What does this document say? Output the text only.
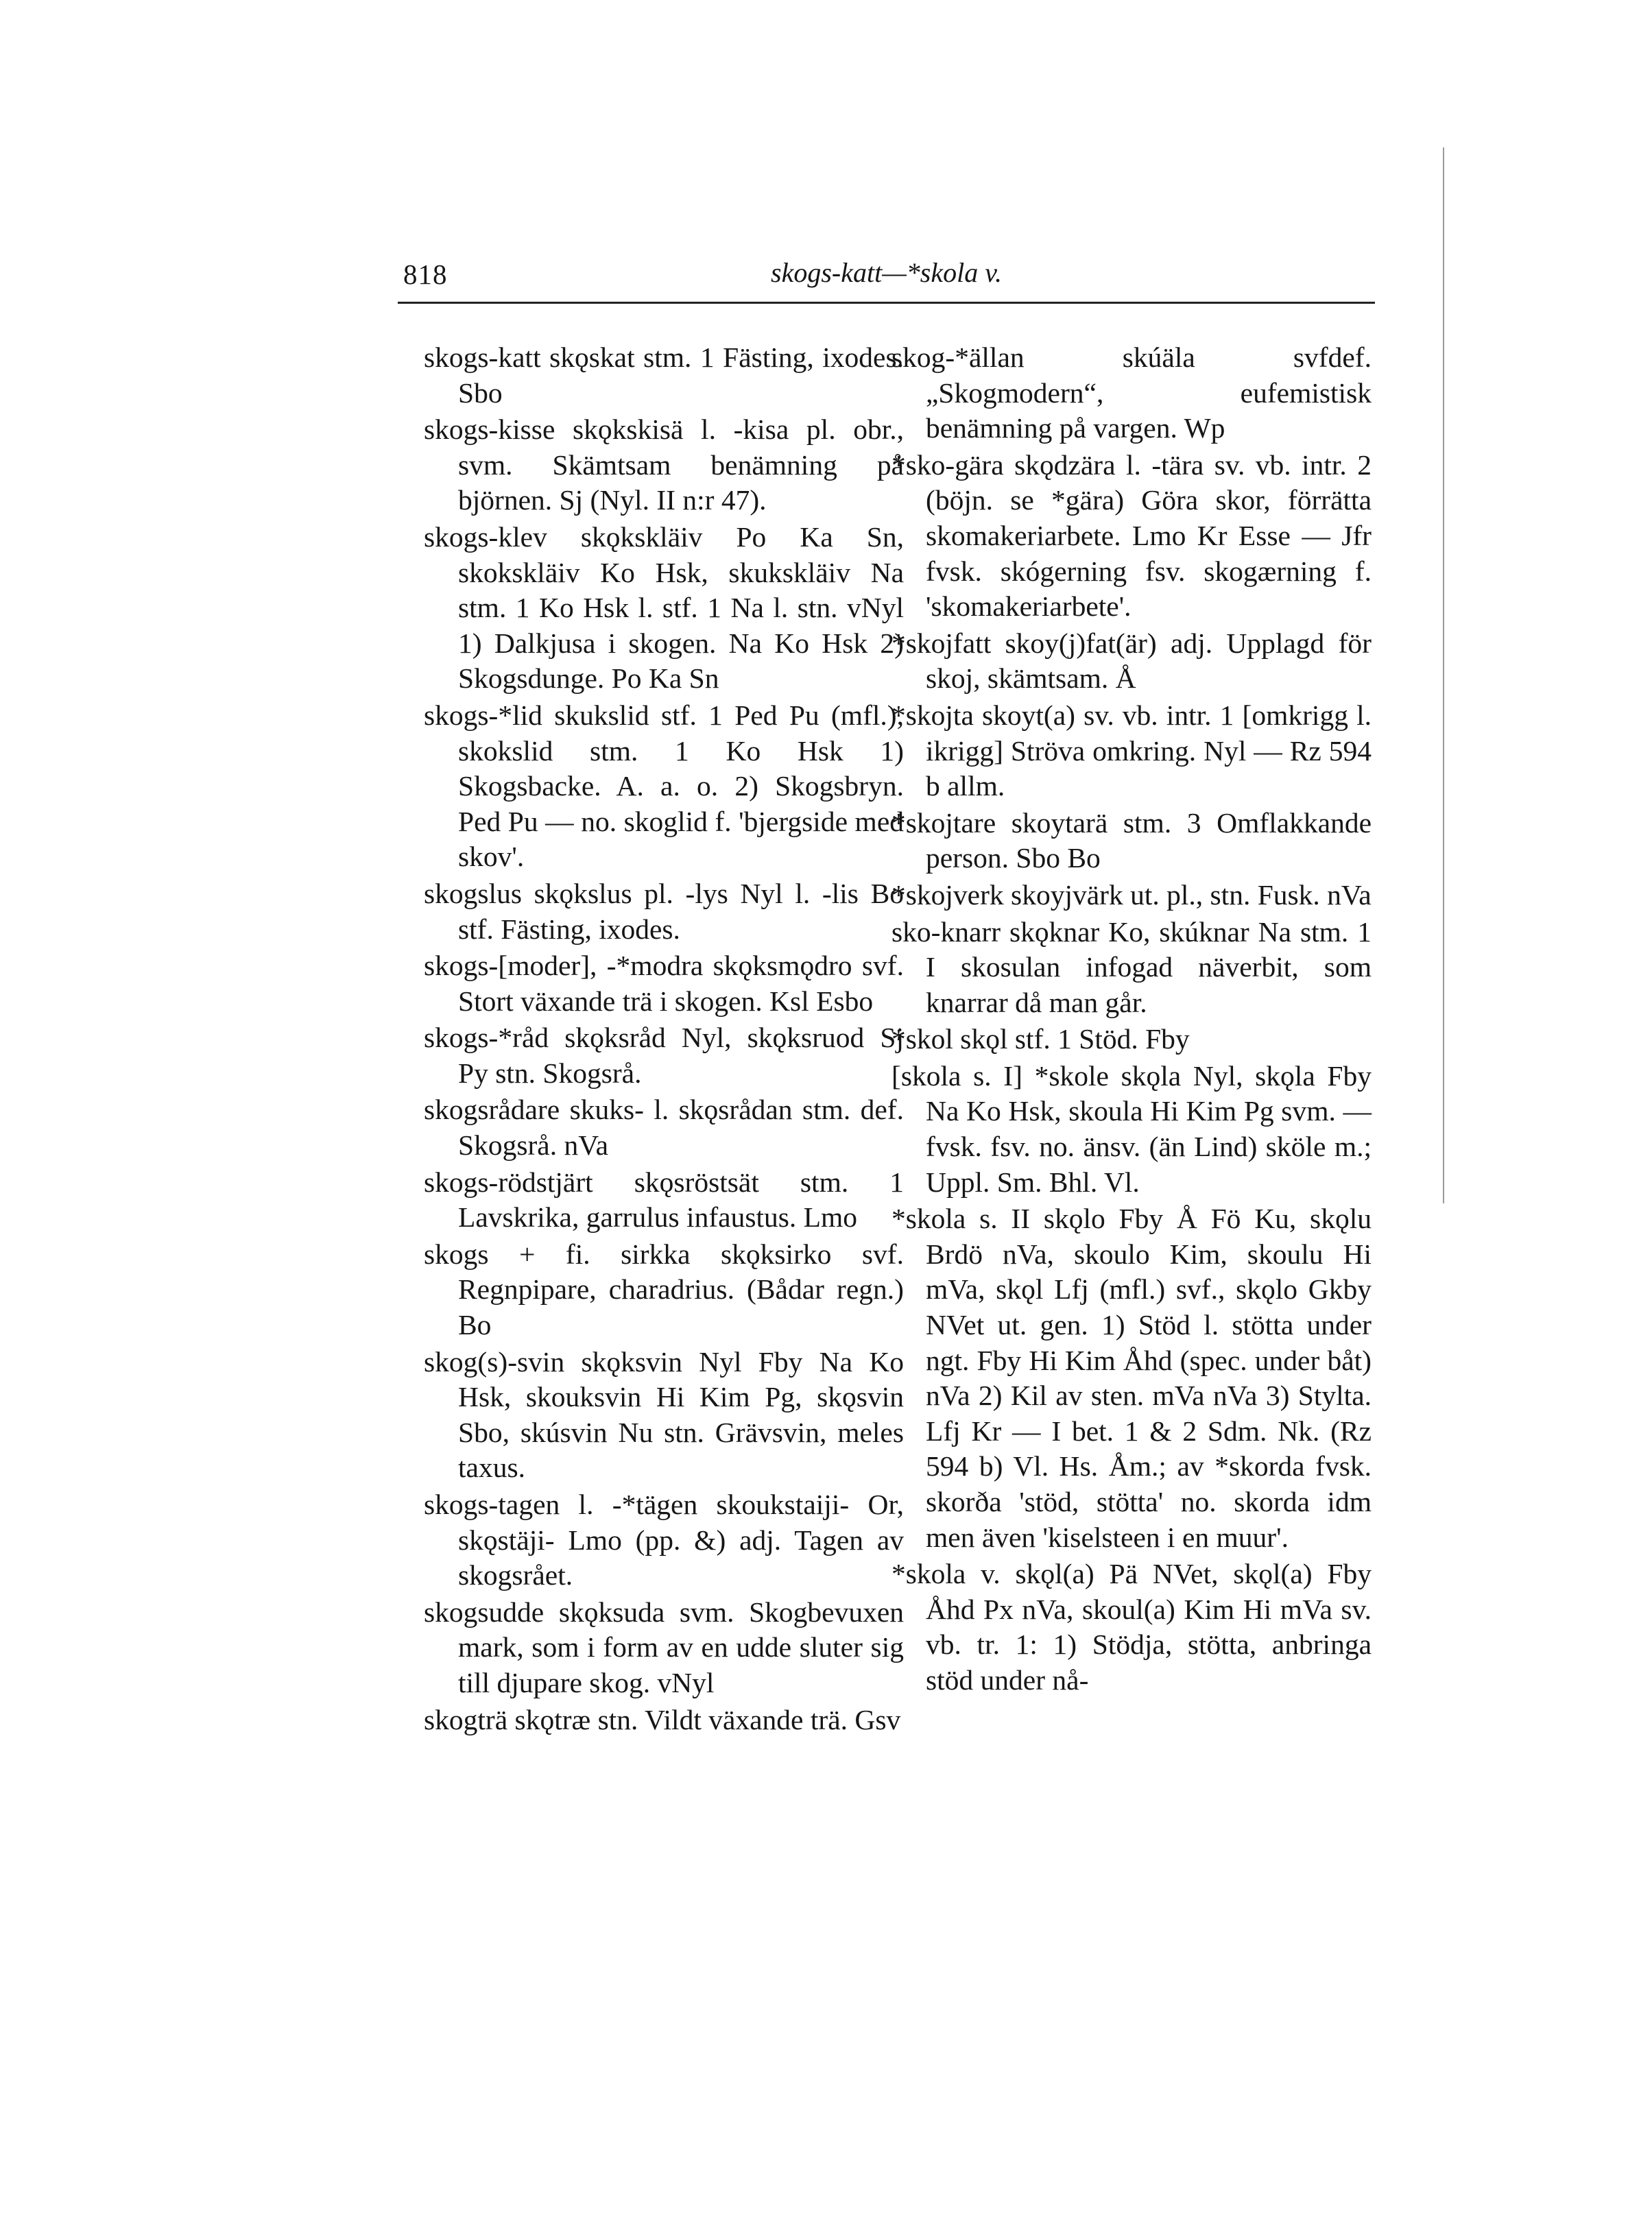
818	skogs-katt—*skola v.

skogs-katt skǫskat stm. 1 Fästing, ixodes. Sbo

skogs-kisse skǫkskisä l. -kisa pl. obr., svm. Skämtsam benämning på björnen. Sj (Nyl. II n:r 47).

skogs-klev skǫkskläiv Po Ka Sn, skokskläiv Ko Hsk, skukskläiv Na stm. 1 Ko Hsk l. stf. 1 Na l. stn. vNyl 1) Dalkjusa i skogen. Na Ko Hsk 2) Skogsdunge. Po Ka Sn

skogs-*lid skukslid stf. 1 Ped Pu (mfl.), skokslid stm. 1 Ko Hsk 1) Skogsbacke. A. a. o. 2) Skogsbryn. Ped Pu — no. skoglid f. 'bjergside med skov'.

skogslus skǫkslus pl. -lys Nyl l. -lis Bo stf. Fästing, ixodes.

skogs-[moder], -*modra skǫksmǫdro svf. Stort växande trä i skogen. Ksl Esbo

skogs-*råd skǫksråd Nyl, skǫksruod Sj Py stn. Skogsrå.

skogsrådare skuks- l. skǫsrådan stm. def. Skogsrå. nVa

skogs-rödstjärt skǫsröstsät stm. 1 Lavskrika, garrulus infaustus. Lmo

skogs + fi. sirkka skǫksirko svf. Regnpipare, charadrius. (Bådar regn.) Bo

skog(s)-svin skǫksvin Nyl Fby Na Ko Hsk, skouksvin Hi Kim Pg, skǫsvin Sbo, skúsvin Nu stn. Grävsvin, meles taxus.

skogs-tagen l. -*tägen skoukstaiji- Or, skǫstäji- Lmo (pp. &) adj. Tagen av skogsrået.

skogsudde skǫksuda svm. Skogbevuxen mark, som i form av en udde sluter sig till djupare skog. vNyl

skogträ skǫtræ stn. Vildt växande trä. Gsv

skog-*ällan skúäla svfdef. „Skogmodern“, eufemistisk benämning på vargen. Wp

*sko-gära skǫdzära l. -tära sv. vb. intr. 2 (böjn. se *gära) Göra skor, förrätta skomakeriarbete. Lmo Kr Esse — Jfr fvsk. skógerning fsv. skogærning f. 'skomakeriarbete'.

*skojfatt skoy(j)fat(är) adj. Upplagd för skoj, skämtsam. Å

*skojta skoyt(a) sv. vb. intr. 1 [omkrigg l. ikrigg] Ströva omkring. Nyl — Rz 594 b allm.

*skojtare skoytarä stm. 3 Omflakkande person. Sbo Bo

*skojverk skoyjvärk ut. pl., stn. Fusk. nVa

sko-knarr skǫknar Ko, skúknar Na stm. 1 I skosulan infogad näverbit, som knarrar då man går.

*skol skǫl stf. 1 Stöd. Fby

[skola s. I] *skole skǫla Nyl, skǫla Fby Na Ko Hsk, skoula Hi Kim Pg svm. — fvsk. fsv. no. änsv. (än Lind) sköle m.; Uppl. Sm. Bhl. Vl.

*skola s. II skǫlo Fby Å Fö Ku, skǫlu Brdö nVa, skoulo Kim, skoulu Hi mVa, skǫl Lfj (mfl.) svf., skǫlo Gkby NVet ut. gen. 1) Stöd l. stötta under ngt. Fby Hi Kim Åhd (spec. under båt) nVa 2) Kil av sten. mVa nVa 3) Stylta. Lfj Kr — I bet. 1 & 2 Sdm. Nk. (Rz 594 b) Vl. Hs. Åm.; av *skorda fvsk. skorða 'stöd, stötta' no. skorda idm men även 'kiselsteen i en muur'.

*skola v. skǫl(a) Pä NVet, skǫl(a) Fby Åhd Px nVa, skoul(a) Kim Hi mVa sv. vb. tr. 1: 1) Stödja, stötta, anbringa stöd under nå-
